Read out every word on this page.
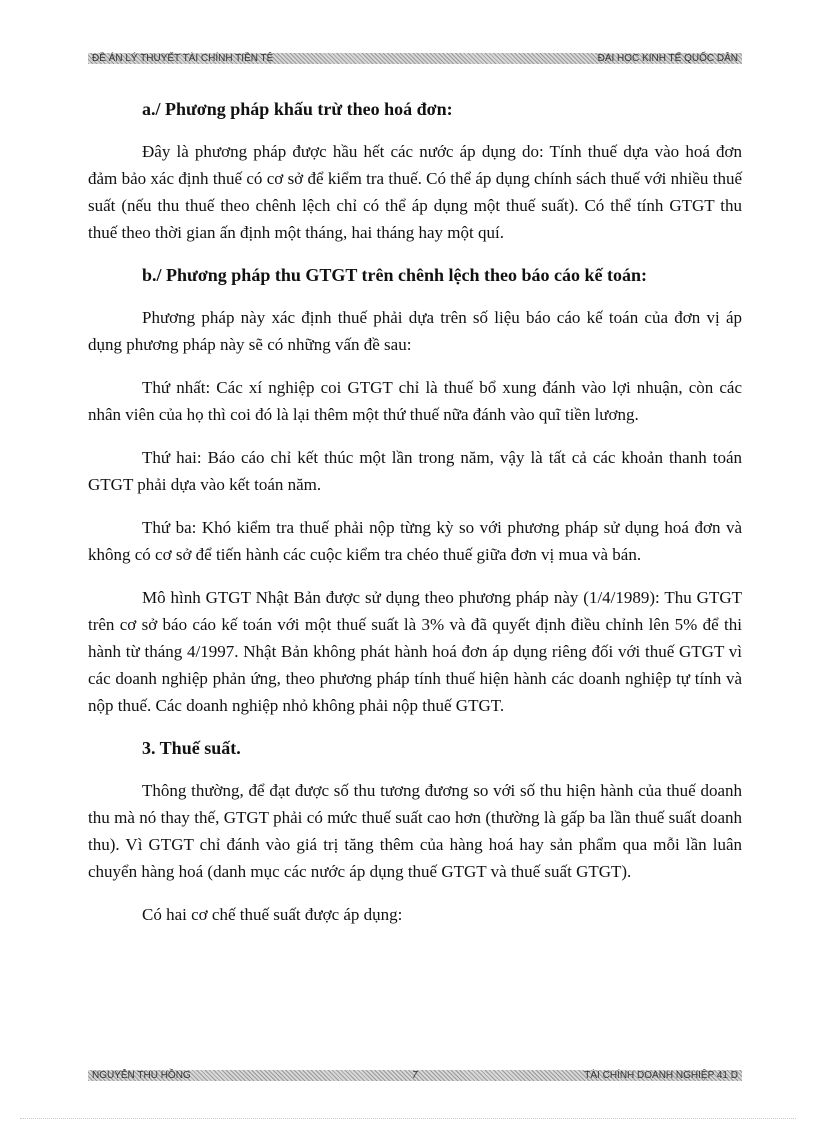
ĐỀ ÁN LÝ THUYẾT TÀI CHÍNH TIỀN TỆ	ĐẠI HỌC KINH TẾ QUỐC DÂN
a./ Phương pháp khấu trừ theo hoá đơn:

Đây là phương pháp được hầu hết các nước áp dụng do: Tính thuế dựa vào hoá đơn đảm bảo xác định thuế có cơ sở để kiểm tra thuế. Có thể áp dụng chính sách thuế với nhiều thuế suất (nếu thu thuế theo chênh lệch chỉ có thể áp dụng một thuế suất). Có thể tính GTGT thu thuế theo thời gian ấn định một tháng, hai tháng hay một quí.

b./ Phương pháp thu GTGT trên chênh lệch theo báo cáo kế toán:

Phương pháp này xác định thuế phải dựa trên số liệu báo cáo kế toán của đơn vị áp dụng phương pháp này sẽ có những vấn đề sau:

Thứ nhất: Các xí nghiệp coi GTGT chỉ là thuế bổ xung đánh vào lợi nhuận, còn các nhân viên của họ thì coi đó là lại thêm một thứ thuế nữa đánh vào quĩ tiền lương.

Thứ hai: Báo cáo chỉ kết thúc một lần trong năm, vậy là tất cả các khoản thanh toán GTGT phải dựa vào kết toán năm.

Thứ ba: Khó kiểm tra thuế phải nộp từng kỳ so với phương pháp sử dụng hoá đơn và không có cơ sở để tiến hành các cuộc kiểm tra chéo thuế giữa đơn vị mua và bán.

Mô hình GTGT Nhật Bản được sử dụng theo phương pháp này (1/4/1989): Thu GTGT trên cơ sở báo cáo kế toán với một thuế suất là 3% và đã quyết định điều chỉnh lên 5% để thi hành từ tháng 4/1997. Nhật Bản không phát hành hoá đơn áp dụng riêng đối với thuế GTGT vì các doanh nghiệp phản ứng, theo phương pháp tính thuế hiện hành các doanh nghiệp tự tính và nộp thuế. Các doanh nghiệp nhỏ không phải nộp thuế GTGT.

3. Thuế suất.

Thông thường, để đạt được số thu tương đương so với số thu hiện hành của thuế doanh thu mà nó thay thế, GTGT phải có mức thuế suất cao hơn (thường là gấp ba lần thuế suất doanh thu). Vì GTGT chỉ đánh vào giá trị tăng thêm của hàng hoá hay sản phẩm qua mỗi lần luân chuyển hàng hoá (danh mục các nước áp dụng thuế GTGT và thuế suất GTGT).

Có hai cơ chế thuế suất được áp dụng:

NGUYỄN THU HỒNG	7	TÀI CHÍNH DOANH NGHIỆP 41 D
